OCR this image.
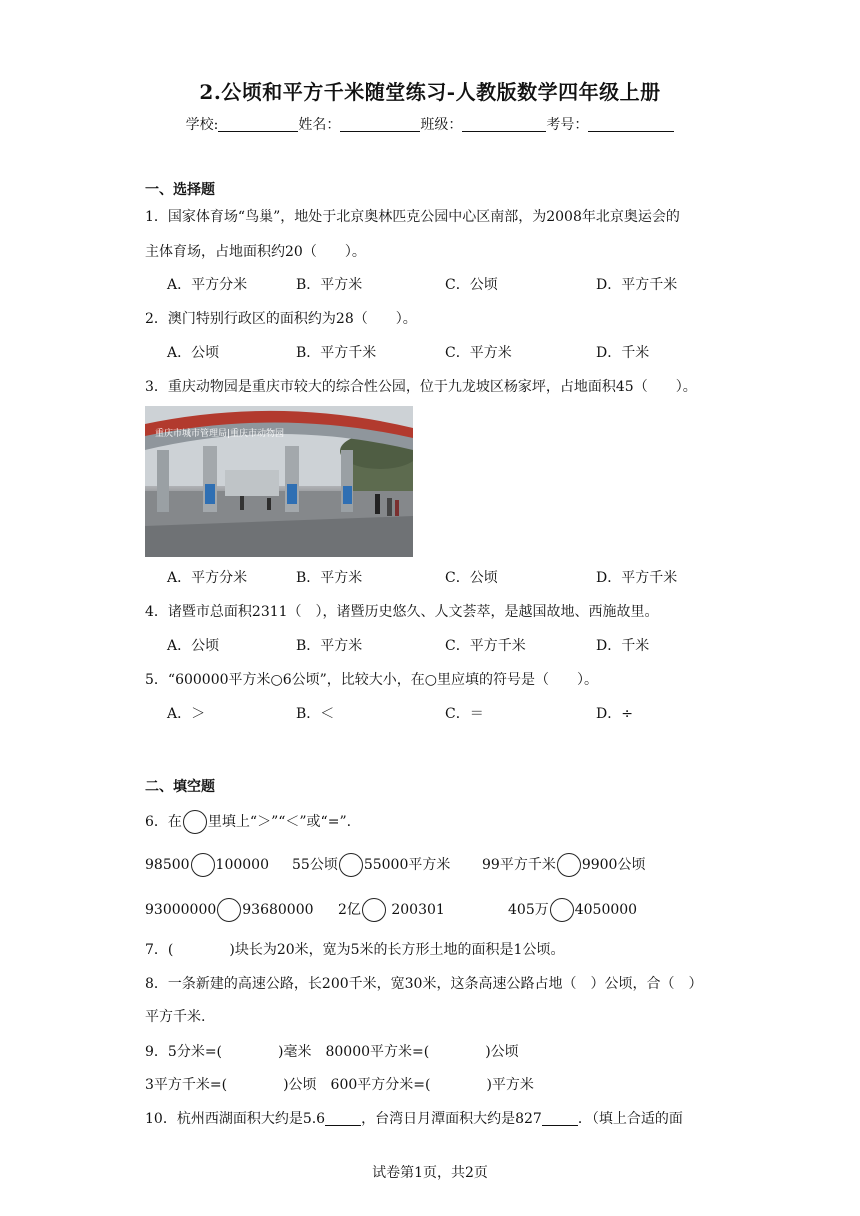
2.公顷和平方千米随堂练习-人教版数学四年级上册
学校:	姓名：	班级：	考号：
一、选择题
1．国家体育场“鸟巢”，地处于北京奥林匹克公园中心区南部，为2008年北京奥运会的
主体育场，占地面积约20（　　）。
A．平方分米	B．平方米	C．公顷	D．平方千米
2．澳门特别行政区的面积约为28（　　）。
A．公顷	B．平方千米	C．平方米	D．千米
3．重庆动物园是重庆市较大的综合性公园，位于九龙坡区杨家坪，占地面积45（　　）。
重庆市城市管理局|重庆市动物园
A．平方分米	B．平方米	C．公顷	D．平方千米
4．诸暨市总面积2311（　），诸暨历史悠久、人文荟萃，是越国故地、西施故里。
A．公顷	B．平方米	C．平方千米	D．千米
5．“600000平方米○6公顷”，比较大小，在○里应填的符号是（　　）。
A．＞	B．＜	C．＝	D．÷
二、填空题
6．在 里填上“＞”“＜”或“=”.
98500 100000 55公顷 55000平方米 99平方千米 9900公顷
93000000 93680000 2亿 200301	405万 4050000
7．(　　　　)块长为20米，宽为5米的长方形土地的面积是1公顷。
8．一条新建的高速公路，长200千米，宽30米，这条高速公路占地（　）公顷，合（　）
平方千米.
9．5分米=(　　　　)毫米　80000平方米=(　　　　)公顷
3平方千米=(　　　　)公顷　600平方分米=(　　　　)平方米
10．杭州西湖面积大约是5.6	，台湾日月潭面积大约是827	．（填上合适的面
试卷第1页，共2页
